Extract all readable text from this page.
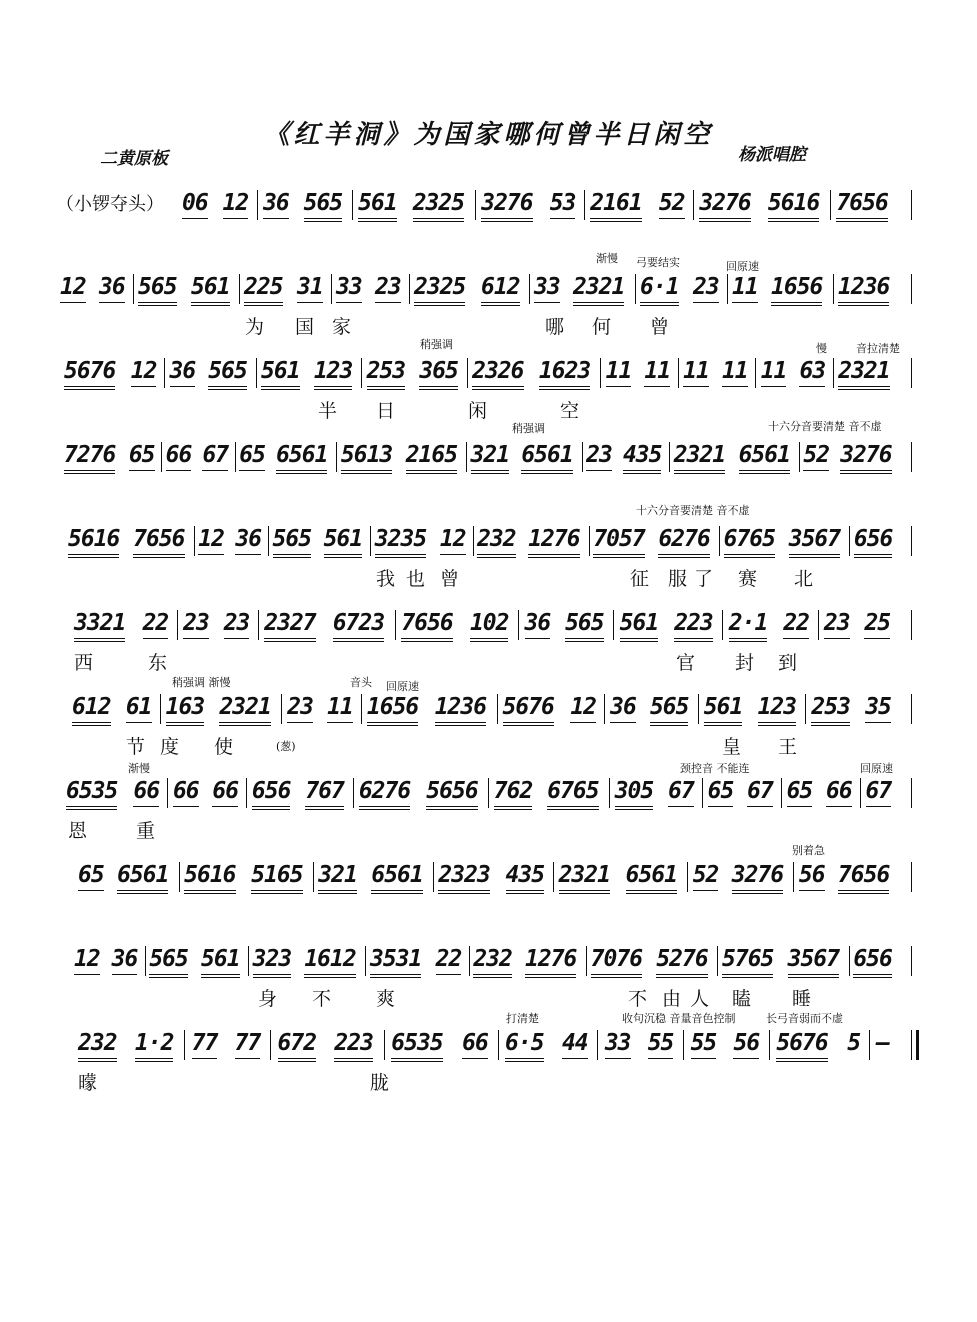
《红羊洞》为国家哪何曾半日闲空
二黄原板	杨派唱腔
（小锣夺头） 06 12 36 565 561 2325 3276 53 2161 52 3276 5616 7656
12 36 565 561 225 31 33 23 2325 612 33 2321 6·1 23 11 1656 1236
为 国 家	哪 何 曾
渐慢 弓要结实	回原速
5676 12 36 565 561 123 253 365 2326 1623 11 11 11 11 11 63 2321
半 日	闲	空
稍强调	慢	音拉清楚
7276 65 66 67 65 6561 5613 2165 321 6561 23 435 2321 6561 52 3276
稍强调	十六分音要清楚 音不虚
5616 7656 12 36 565 561 3235 12 232 1276 7057 6276 6765 3567 656
我 也 曾	征 服 了 赛 北
十六分音要清楚 音不虚
3321 22 23 23 2327 6723 7656 102 36 565 561 223 2·1 22 23 25
西	东	官 封 到
612 61 163 2321 23 11 1656 1236 5676 12 36 565 561 123 253 35
节 度 使	(葱)	皇 王
稍强调 渐慢	音头 回原速
6535 66 66 66 656 767 6276 5656 762 6765 305 67 65 67 65 66 67
恩	重
渐慢	颈控音 不能连	回原速
65 6561 5616 5165 321 6561 2323 435 2321 6561 52 3276 56 7656
别着急
12 36 565 561 323 1612 3531 22 232 1276 7076 5276 5765 3567 656
身 不 爽	不 由 人 瞌 睡
232 1·2 77 77 672 223 6535 66 6·5 44 33 55 55 56 5676 5 —
曚	胧
打清楚	收句沉稳 音量音色控制	长弓音弱而不虚
